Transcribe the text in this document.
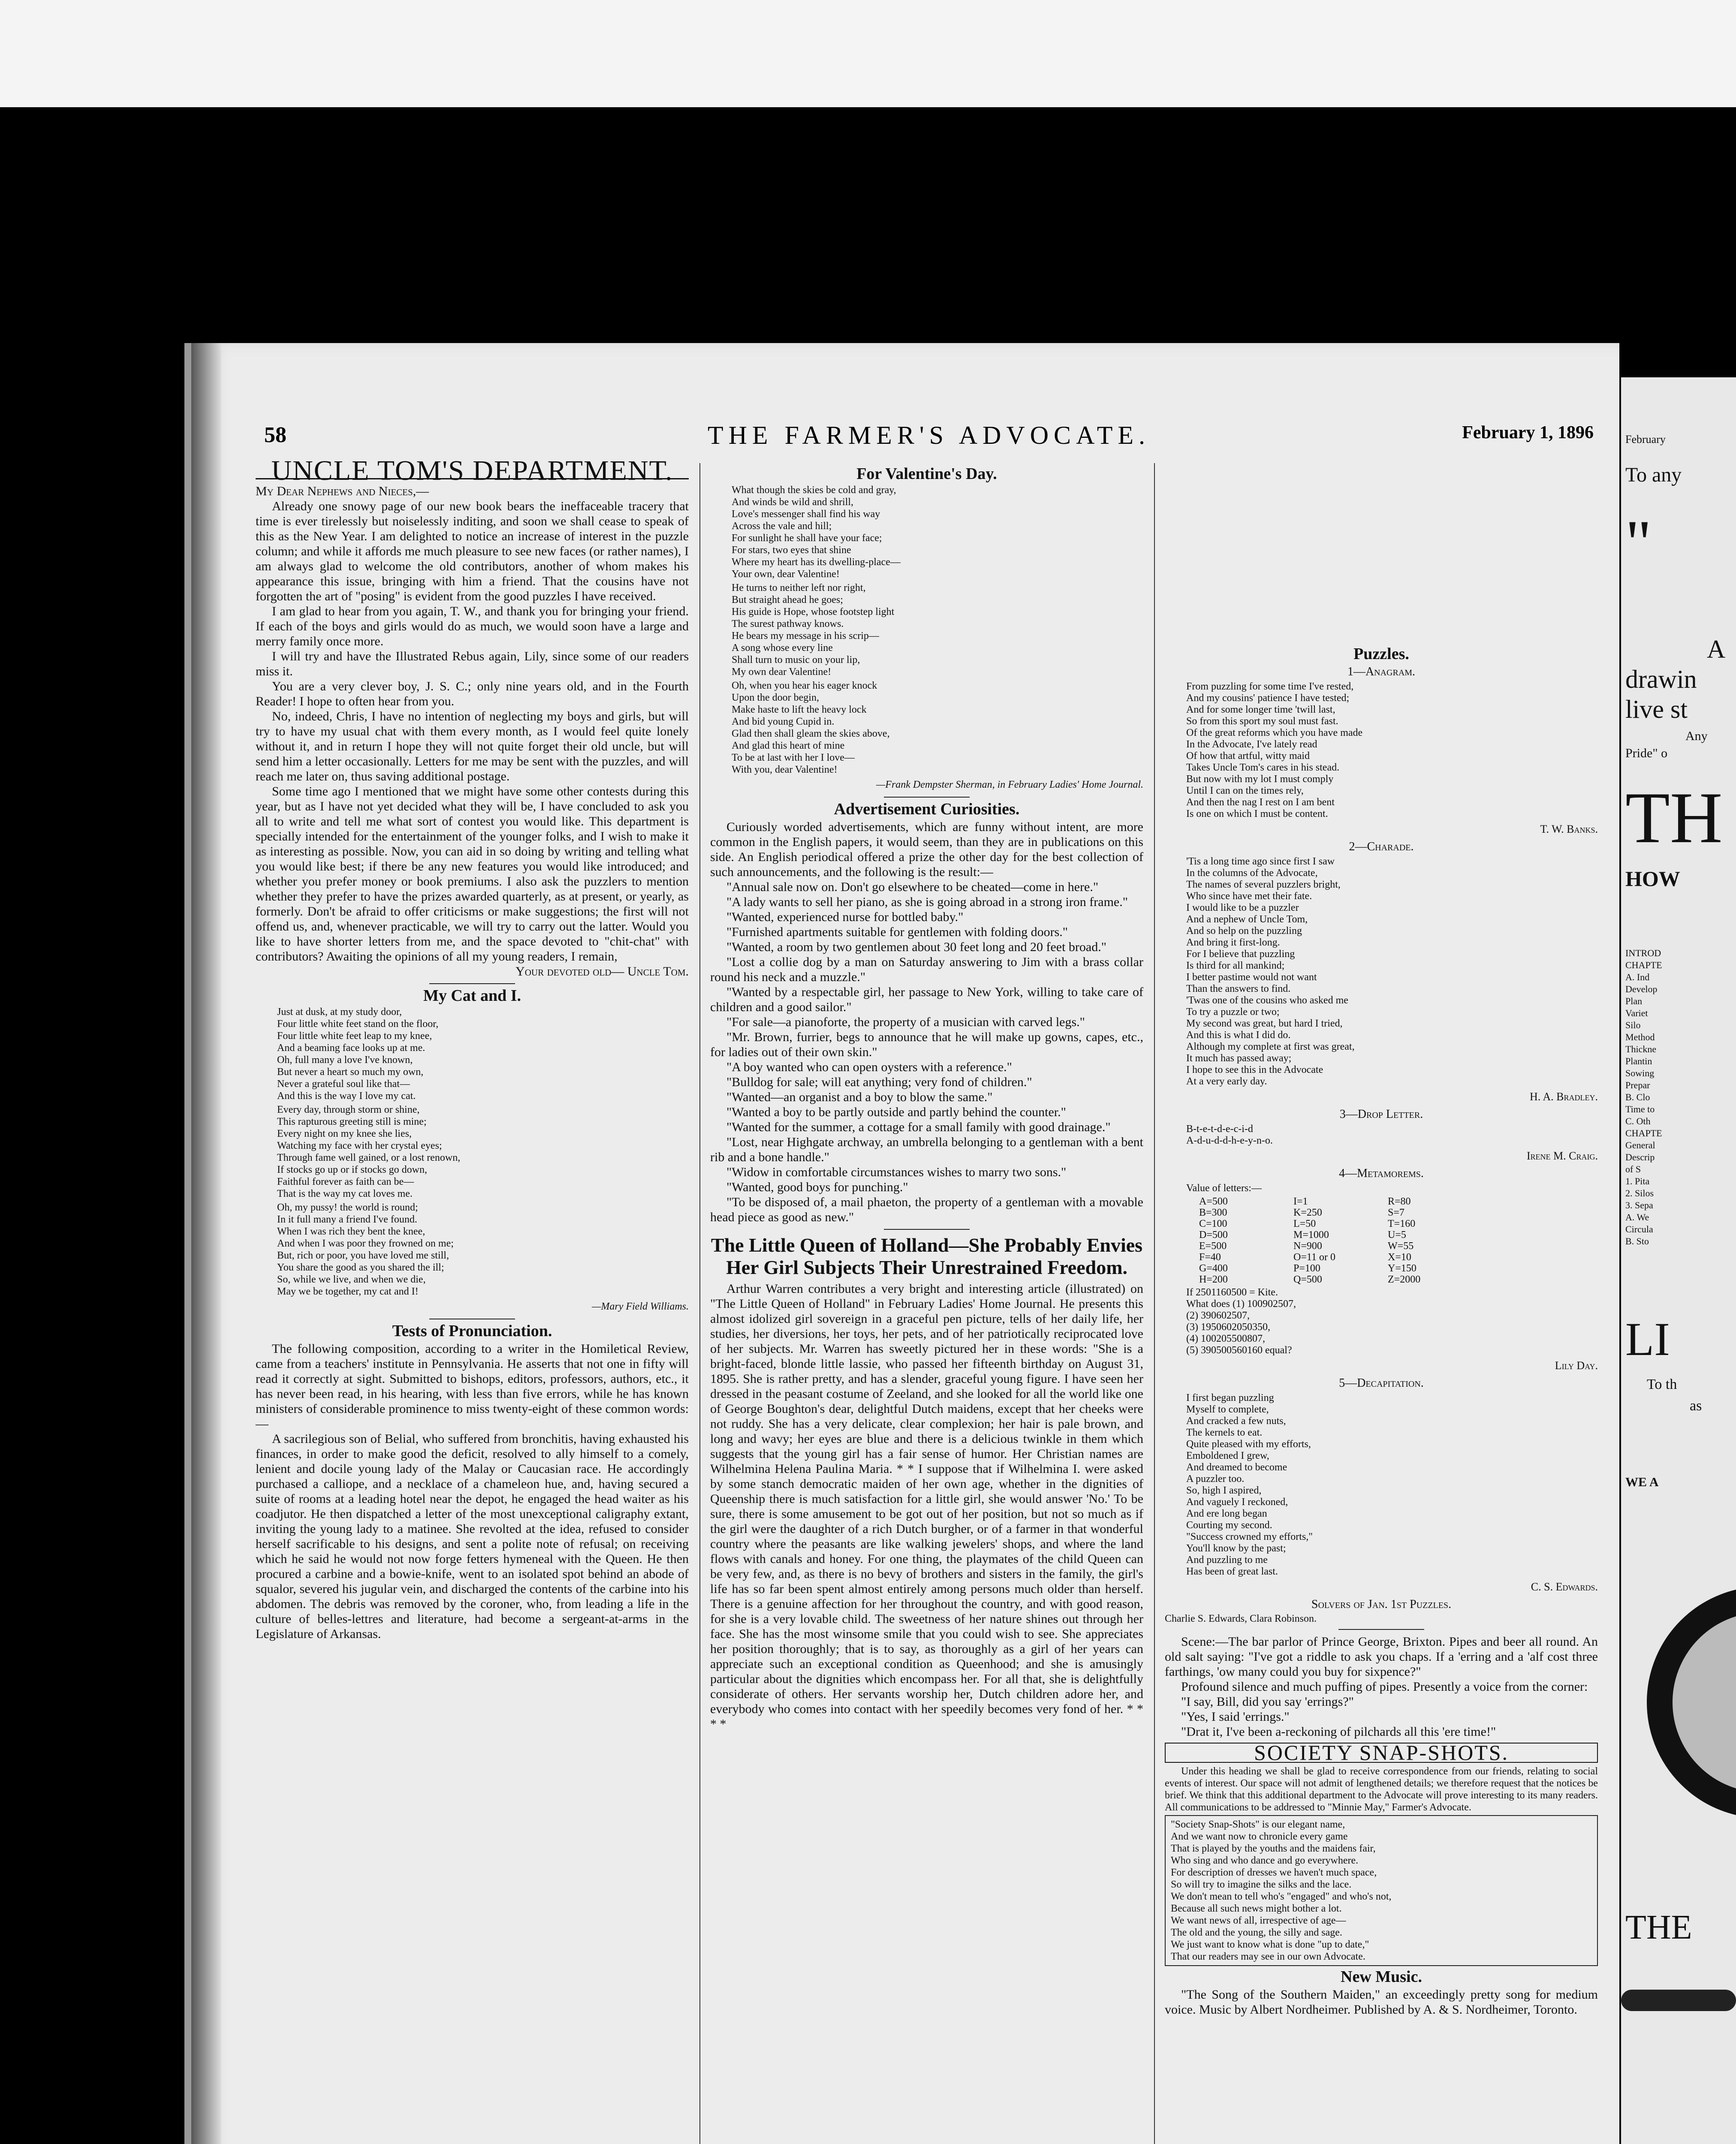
58	THE FARMER'S ADVOCATE.	February 1, 1896
UNCLE TOM'S DEPARTMENT.

My Dear Nephews and Nieces,—

Already one snowy page of our new book bears the ineffaceable tracery that time is ever tirelessly but noiselessly inditing, and soon we shall cease to speak of this as the New Year. I am delighted to notice an increase of interest in the puzzle column; and while it affords me much pleasure to see new faces (or rather names), I am always glad to welcome the old contributors, another of whom makes his appearance this issue, bringing with him a friend. That the cousins have not forgotten the art of "posing" is evident from the good puzzles I have received.

I am glad to hear from you again, T. W., and thank you for bringing your friend. If each of the boys and girls would do as much, we would soon have a large and merry family once more.

I will try and have the Illustrated Rebus again, Lily, since some of our readers miss it.

You are a very clever boy, J. S. C.; only nine years old, and in the Fourth Reader! I hope to often hear from you.

No, indeed, Chris, I have no intention of neglecting my boys and girls, but will try to have my usual chat with them every month, as I would feel quite lonely without it, and in return I hope they will not quite forget their old uncle, but will send him a letter occasionally. Letters for me may be sent with the puzzles, and will reach me later on, thus saving additional postage.

Some time ago I mentioned that we might have some other contests during this year, but as I have not yet decided what they will be, I have concluded to ask you all to write and tell me what sort of contest you would like. This department is specially intended for the entertainment of the younger folks, and I wish to make it as interesting as possible. Now, you can aid in so doing by writing and telling what you would like best; if there be any new features you would like introduced; and whether you prefer money or book premiums. I also ask the puzzlers to mention whether they prefer to have the prizes awarded quarterly, as at present, or yearly, as formerly. Don't be afraid to offer criticisms or make suggestions; the first will not offend us, and, whenever practicable, we will try to carry out the latter. Would you like to have shorter letters from me, and the space devoted to "chit-chat" with contributors? Awaiting the opinions of all my young readers, I remain,

Your devoted old— Uncle Tom.
My Cat and I.
Just at dusk, at my study door,
Four little white feet stand on the floor,
Four little white feet leap to my knee,
And a beaming face looks up at me.
Oh, full many a love I've known,
But never a heart so much my own,
Never a grateful soul like that—
And this is the way I love my cat.
Every day, through storm or shine,
This rapturous greeting still is mine;
Every night on my knee she lies,
Watching my face with her crystal eyes;
Through fame well gained, or a lost renown,
If stocks go up or if stocks go down,
Faithful forever as faith can be—
That is the way my cat loves me.
Oh, my pussy! the world is round;
In it full many a friend I've found.
When I was rich they bent the knee,
And when I was poor they frowned on me;
But, rich or poor, you have loved me still,
You share the good as you shared the ill;
So, while we live, and when we die,
May we be together, my cat and I!
—Mary Field Williams.
Tests of Pronunciation.

The following composition, according to a writer in the Homiletical Review, came from a teachers' institute in Pennsylvania. He asserts that not one in fifty will read it correctly at sight. Submitted to bishops, editors, professors, authors, etc., it has never been read, in his hearing, with less than five errors, while he has known ministers of considerable prominence to miss twenty-eight of these common words:—

A sacrilegious son of Belial, who suffered from bronchitis, having exhausted his finances, in order to make good the deficit, resolved to ally himself to a comely, lenient and docile young lady of the Malay or Caucasian race. He accordingly purchased a calliope, and a necklace of a chameleon hue, and, having secured a suite of rooms at a leading hotel near the depot, he engaged the head waiter as his coadjutor. He then dispatched a letter of the most unexceptional caligraphy extant, inviting the young lady to a matinee. She revolted at the idea, refused to consider herself sacrificable to his designs, and sent a polite note of refusal; on receiving which he said he would not now forge fetters hymeneal with the Queen. He then procured a carbine and a bowie-knife, went to an isolated spot behind an abode of squalor, severed his jugular vein, and discharged the contents of the carbine into his abdomen. The debris was removed by the coroner, who, from leading a life in the culture of belles-lettres and literature, had become a sergeant-at-arms in the Legislature of Arkansas.

For Valentine's Day.
What though the skies be cold and gray,
And winds be wild and shrill,
Love's messenger shall find his way
Across the vale and hill;
For sunlight he shall have your face;
For stars, two eyes that shine
Where my heart has its dwelling-place—
Your own, dear Valentine!
He turns to neither left nor right,
But straight ahead he goes;
His guide is Hope, whose footstep light
The surest pathway knows.
He bears my message in his scrip—
A song whose every line
Shall turn to music on your lip,
My own dear Valentine!
Oh, when you hear his eager knock
Upon the door begin,
Make haste to lift the heavy lock
And bid young Cupid in.
Glad then shall gleam the skies above,
And glad this heart of mine
To be at last with her I love—
With you, dear Valentine!
—Frank Dempster Sherman, in February Ladies' Home Journal.
Advertisement Curiosities.

Curiously worded advertisements, which are funny without intent, are more common in the English papers, it would seem, than they are in publications on this side. An English periodical offered a prize the other day for the best collection of such announcements, and the following is the result:—

"Annual sale now on. Don't go elsewhere to be cheated—come in here."

"A lady wants to sell her piano, as she is going abroad in a strong iron frame."

"Wanted, experienced nurse for bottled baby."

"Furnished apartments suitable for gentlemen with folding doors."

"Wanted, a room by two gentlemen about 30 feet long and 20 feet broad."

"Lost a collie dog by a man on Saturday answering to Jim with a brass collar round his neck and a muzzle."

"Wanted by a respectable girl, her passage to New York, willing to take care of children and a good sailor."

"For sale—a pianoforte, the property of a musician with carved legs."

"Mr. Brown, furrier, begs to announce that he will make up gowns, capes, etc., for ladies out of their own skin."

"A boy wanted who can open oysters with a reference."

"Bulldog for sale; will eat anything; very fond of children."

"Wanted—an organist and a boy to blow the same."

"Wanted a boy to be partly outside and partly behind the counter."

"Wanted for the summer, a cottage for a small family with good drainage."

"Lost, near Highgate archway, an umbrella belonging to a gentleman with a bent rib and a bone handle."

"Widow in comfortable circumstances wishes to marry two sons."

"Wanted, good boys for punching."

"To be disposed of, a mail phaeton, the property of a gentleman with a movable head piece as good as new."

The Little Queen of Holland—She Probably Envies Her Girl Subjects Their Unrestrained Freedom.

Arthur Warren contributes a very bright and interesting article (illustrated) on "The Little Queen of Holland" in February Ladies' Home Journal. He presents this almost idolized girl sovereign in a graceful pen picture, tells of her daily life, her studies, her diversions, her toys, her pets, and of her patriotically reciprocated love of her subjects. Mr. Warren has sweetly pictured her in these words: "She is a bright-faced, blonde little lassie, who passed her fifteenth birthday on August 31, 1895. She is rather pretty, and has a slender, graceful young figure. I have seen her dressed in the peasant costume of Zeeland, and she looked for all the world like one of George Boughton's dear, delightful Dutch maidens, except that her cheeks were not ruddy. She has a very delicate, clear complexion; her hair is pale brown, and long and wavy; her eyes are blue and there is a delicious twinkle in them which suggests that the young girl has a fair sense of humor. Her Christian names are Wilhelmina Helena Paulina Maria. * * I suppose that if Wilhelmina I. were asked by some stanch democratic maiden of her own age, whether in the dignities of Queenship there is much satisfaction for a little girl, she would answer 'No.' To be sure, there is some amusement to be got out of her position, but not so much as if the girl were the daughter of a rich Dutch burgher, or of a farmer in that wonderful country where the peasants are like walking jewelers' shops, and where the land flows with canals and honey. For one thing, the playmates of the child Queen can be very few, and, as there is no bevy of brothers and sisters in the family, the girl's life has so far been spent almost entirely among persons much older than herself. There is a genuine affection for her throughout the country, and with good reason, for she is a very lovable child. The sweetness of her nature shines out through her face. She has the most winsome smile that you could wish to see. She appreciates her position thoroughly; that is to say, as thoroughly as a girl of her years can appreciate such an exceptional condition as Queenhood; and she is amusingly particular about the dignities which encompass her. For all that, she is delightfully considerate of others. Her servants worship her, Dutch children adore her, and everybody who comes into contact with her speedily becomes very fond of her. * * * *

Puzzles.
1—Anagram.
From puzzling for some time I've rested,
And my cousins' patience I have tested;
And for some longer time 'twill last,
So from this sport my soul must fast.
Of the great reforms which you have made
In the Advocate, I've lately read
Of how that artful, witty maid
Takes Uncle Tom's cares in his stead.
But now with my lot I must comply
Until I can on the times rely,
And then the nag I rest on I am bent
Is one on which I must be content.
T. W. Banks.
2—Charade.
'Tis a long time ago since first I saw
In the columns of the Advocate,
The names of several puzzlers bright,
Who since have met their fate.
I would like to be a puzzler
And a nephew of Uncle Tom,
And so help on the puzzling
And bring it first-long.
For I believe that puzzling
Is third for all mankind;
I better pastime would not want
Than the answers to find.
'Twas one of the cousins who asked me
To try a puzzle or two;
My second was great, but hard I tried,
And this is what I did do.
Although my complete at first was great,
It much has passed away;
I hope to see this in the Advocate
At a very early day.
H. A. Bradley.
3—Drop Letter.
B-t-e-t-d-e-c-i-d
A-d-u-d-d-h-e-y-n-o.
Irene M. Craig.
4—Metamorems.
Value of letters:—
A=500	I=1	R=80
B=300	K=250	S=7
C=100	L=50	T=160
D=500	M=1000	U=5
E=500	N=900	W=55
F=40	O=11 or 0	X=10
G=400	P=100	Y=150
H=200	Q=500	Z=2000
If 2501160500 = Kite.
What does (1) 100902507,
(2) 390602507,
(3) 1950602050350,
(4) 100205500807,
(5) 390500560160 equal?
Lily Day.
5—Decapitation.
I first began puzzling
Myself to complete,
And cracked a few nuts,
The kernels to eat.
Quite pleased with my efforts,
Emboldened I grew,
And dreamed to become
A puzzler too.
So, high I aspired,
And vaguely I reckoned,
And ere long began
Courting my second.
"Success crowned my efforts,"
You'll know by the past;
And puzzling to me
Has been of great last.
C. S. Edwards.
Solvers of Jan. 1st Puzzles.

Charlie S. Edwards, Clara Robinson.

Scene:—The bar parlor of Prince George, Brixton. Pipes and beer all round. An old salt saying: "I've got a riddle to ask you chaps. If a 'erring and a 'alf cost three farthings, 'ow many could you buy for sixpence?"

Profound silence and much puffing of pipes. Presently a voice from the corner:

"I say, Bill, did you say 'errings?"

"Yes, I said 'errings."

"Drat it, I've been a-reckoning of pilchards all this 'ere time!"

SOCIETY SNAP-SHOTS.

Under this heading we shall be glad to receive correspondence from our friends, relating to social events of interest. Our space will not admit of lengthened details; we therefore request that the notices be brief. We think that this additional department to the Advocate will prove interesting to its many readers. All communications to be addressed to "Minnie May," Farmer's Advocate.

"Society Snap-Shots" is our elegant name,
And we want now to chronicle every game
That is played by the youths and the maidens fair,
Who sing and who dance and go everywhere.
For description of dresses we haven't much space,
So will try to imagine the silks and the lace.
We don't mean to tell who's "engaged" and who's not,
Because all such news might bother a lot.
We want news of all, irrespective of age—
The old and the young, the silly and sage.
We just want to know what is done "up to date,"
That our readers may see in our own Advocate.
New Music.

"The Song of the Southern Maiden," an exceedingly pretty song for medium voice. Music by Albert Nordheimer. Published by A. & S. Nordheimer, Toronto.

February
To any
"
A
drawin
live st
Any
Pride" o
TH
HOW
INTROD
CHAPTE
A. Ind
Develop
Plan
Variet
Silo
Method
Thickne
Plantin
Sowing
Prepar
B. Clo
Time to
C. Oth
CHAPTE
General
Descrip
of S
1. Pita
2. Silos
3. Sepa
A. We
Circula
B. Sto
LI
To th
as
WE A
THE
